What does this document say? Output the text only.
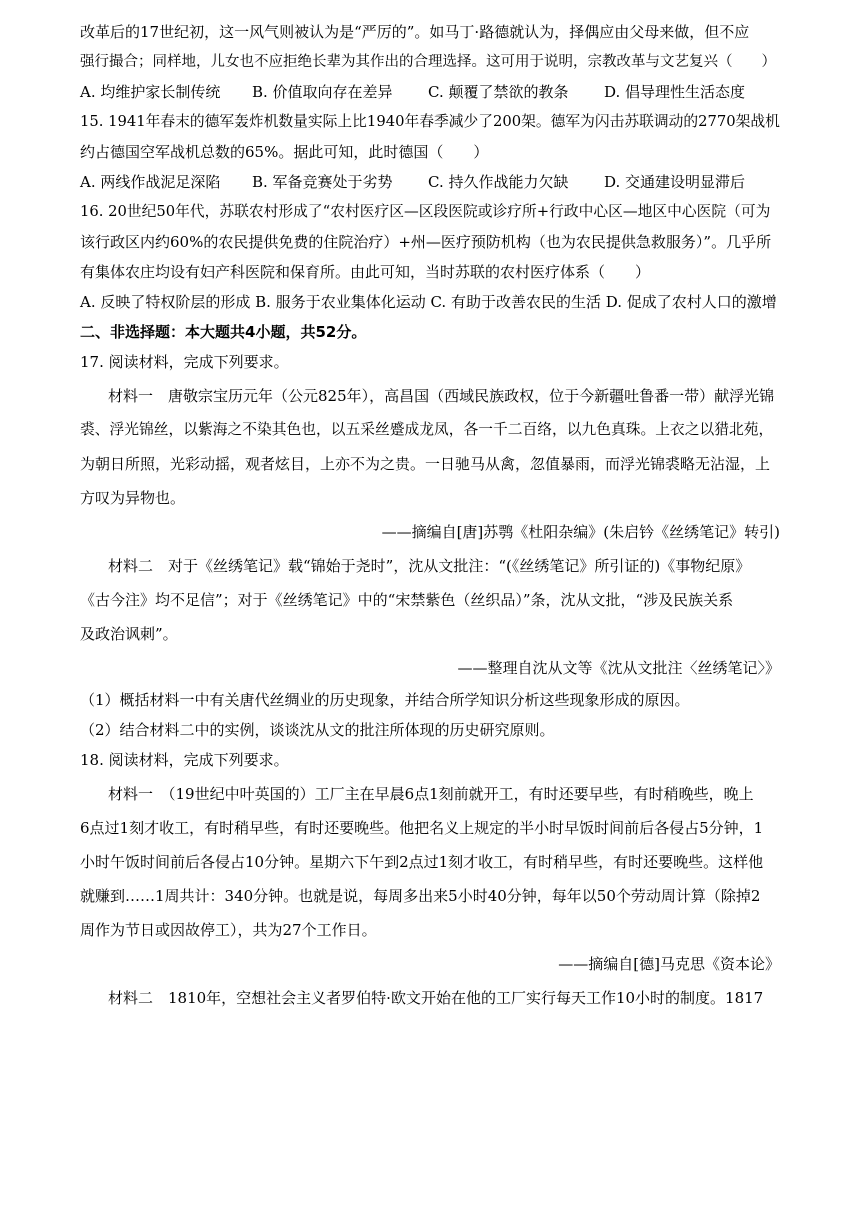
改革后的17世纪初，这一风气则被认为是“严厉的”。如马丁·路德就认为，择偶应由父母来做，但不应
强行撮合；同样地，儿女也不应拒绝长辈为其作出的合理选择。这可用于说明，宗教改革与文艺复兴（　　）
A. 均维护家长制传统	B. 价值取向存在差异	C. 颠覆了禁欲的教条	D. 倡导理性生活态度
15. 1941年春末的德军轰炸机数量实际上比1940年春季减少了200架。德军为闪击苏联调动的2770架战机
约占德国空军战机总数的65%。据此可知，此时德国（　　）
A. 两线作战泥足深陷	B. 军备竞赛处于劣势	C. 持久作战能力欠缺	D. 交通建设明显滞后
16. 20世纪50年代，苏联农村形成了“农村医疗区—区段医院或诊疗所+行政中心区—地区中心医院（可为
该行政区内约60%的农民提供免费的住院治疗）+州—医疗预防机构（也为农民提供急救服务）”。几乎所
有集体农庄均设有妇产科医院和保育所。由此可知，当时苏联的农村医疗体系（　　）
A. 反映了特权阶层的形成 B. 服务于农业集体化运动 C. 有助于改善农民的生活 D. 促成了农村人口的激增
二、非选择题：本大题共4小题，共52分。
17. 阅读材料，完成下列要求。
材料一　唐敬宗宝历元年（公元825年），高昌国（西域民族政权，位于今新疆吐鲁番一带）献浮光锦
裘、浮光锦丝，以紫海之不染其色也，以五采丝蹙成龙凤，各一千二百络，以九色真珠。上衣之以猎北苑，
为朝日所照，光彩动摇，观者炫目，上亦不为之贵。一日驰马从禽，忽值暴雨，而浮光锦裘略无沾湿，上
方叹为异物也。
——摘编自[唐]苏鹗《杜阳杂编》(朱启钤《丝绣笔记》转引)
材料二　对于《丝绣笔记》载“锦始于尧时”，沈从文批注：“(《丝绣笔记》所引证的)《事物纪原》
《古今注》均不足信”；对于《丝绣笔记》中的“宋禁紫色（丝织品）”条，沈从文批，“涉及民族关系
及政治讽刺”。
——整理自沈从文等《沈从文批注〈丝绣笔记〉》
（1）概括材料一中有关唐代丝绸业的历史现象，并结合所学知识分析这些现象形成的原因。
（2）结合材料二中的实例，谈谈沈从文的批注所体现的历史研究原则。
18. 阅读材料，完成下列要求。
材料一　（19世纪中叶英国的）工厂主在早晨6点1刻前就开工，有时还要早些，有时稍晚些，晚上
6点过1刻才收工，有时稍早些，有时还要晚些。他把名义上规定的半小时早饭时间前后各侵占5分钟，1
小时午饭时间前后各侵占10分钟。星期六下午到2点过1刻才收工，有时稍早些，有时还要晚些。这样他
就赚到……1周共计：340分钟。也就是说，每周多出来5小时40分钟，每年以50个劳动周计算（除掉2
周作为节日或因故停工），共为27个工作日。
——摘编自[德]马克思《资本论》
材料二　1810年，空想社会主义者罗伯特·欧文开始在他的工厂实行每天工作10小时的制度。1817
